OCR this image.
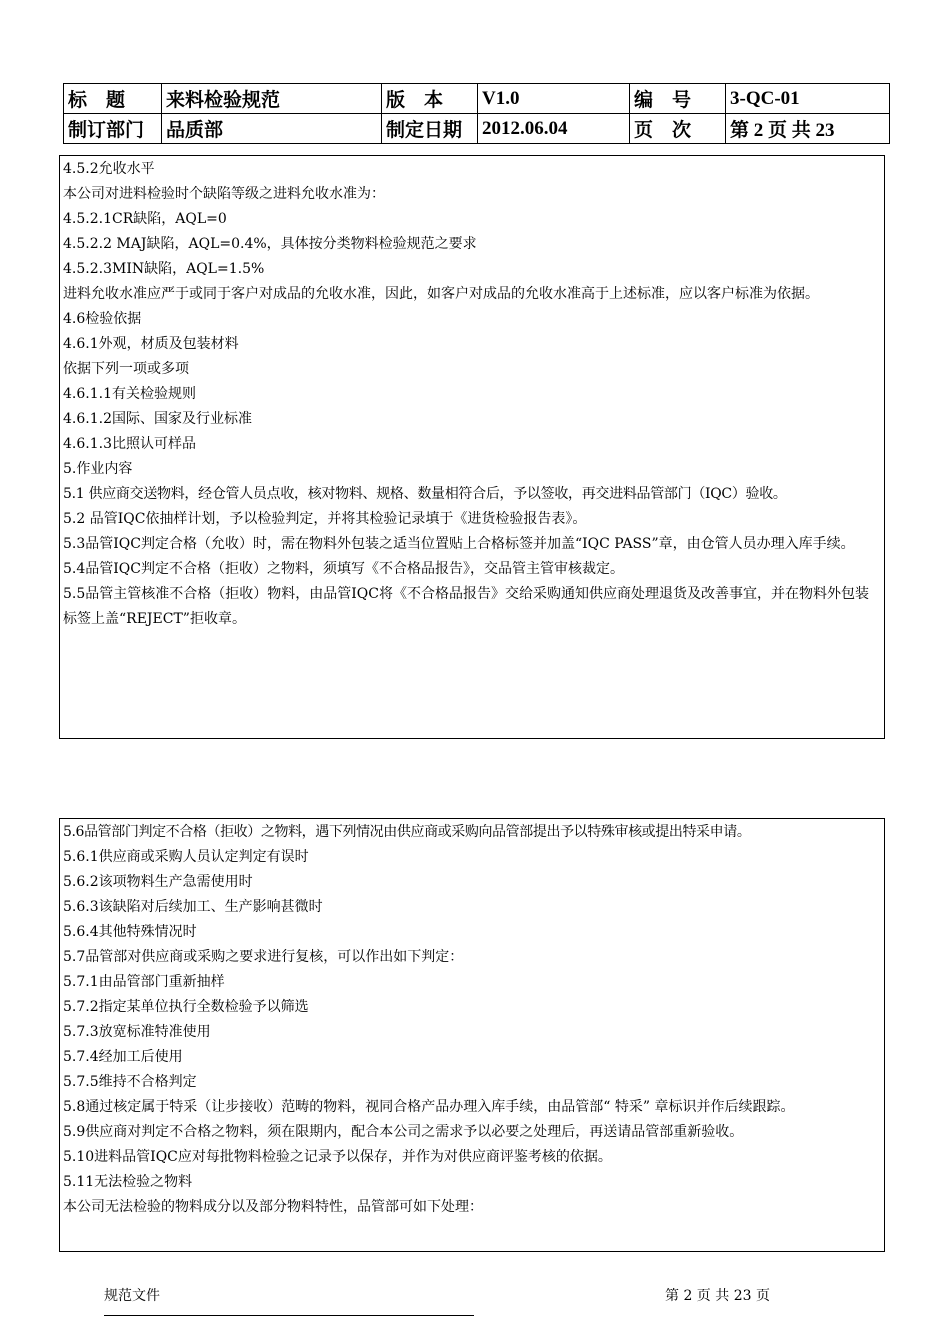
标　题	来料检验规范	版　本	V1.0	编　号	3-QC-01
制订部门	品质部	制定日期	2012.06.04	页　次	第 2 页 共 23
4.5.2允收水平
本公司对进料检验时个缺陷等级之进料允收水准为：
4.5.2.1CR缺陷，AQL=0
4.5.2.2 MAJ缺陷，AQL=0.4%，具体按分类物料检验规范之要求
4.5.2.3MIN缺陷，AQL=1.5%
进料允收水准应严于或同于客户对成品的允收水准，因此，如客户对成品的允收水准高于上述标准，应以客户标准为依据。
4.6检验依据
4.6.1外观，材质及包装材料
依据下列一项或多项
4.6.1.1有关检验规则
4.6.1.2国际、国家及行业标准
4.6.1.3比照认可样品
5.作业内容
5.1 供应商交送物料，经仓管人员点收，核对物料、规格、数量相符合后，予以签收，再交进料品管部门（IQC）验收。
5.2 品管IQC依抽样计划，予以检验判定，并将其检验记录填于《进货检验报告表》。
5.3品管IQC判定合格（允收）时，需在物料外包装之适当位置贴上合格标签并加盖“IQC PASS”章，由仓管人员办理入库手续。
5.4品管IQC判定不合格（拒收）之物料，须填写《不合格品报告》，交品管主管审核裁定。
5.5品管主管核准不合格（拒收）物料，由品管IQC将《不合格品报告》交给采购通知供应商处理退货及改善事宜，并在物料外包装标签上盖“REJECT”拒收章。
5.6品管部门判定不合格（拒收）之物料，遇下列情况由供应商或采购向品管部提出予以特殊审核或提出特采申请。
5.6.1供应商或采购人员认定判定有误时
5.6.2该项物料生产急需使用时
5.6.3该缺陷对后续加工、生产影响甚微时
5.6.4其他特殊情况时
5.7品管部对供应商或采购之要求进行复核，可以作出如下判定：
5.7.1由品管部门重新抽样
5.7.2指定某单位执行全数检验予以筛选
5.7.3放宽标准特准使用
5.7.4经加工后使用
5.7.5维持不合格判定
5.8通过核定属于特采（让步接收）范畴的物料，视同合格产品办理入库手续，由品管部“ 特采” 章标识并作后续跟踪。
5.9供应商对判定不合格之物料，须在限期内，配合本公司之需求予以必要之处理后，再送请品管部重新验收。
5.10进料品管IQC应对每批物料检验之记录予以保存，并作为对供应商评鉴考核的依据。
5.11无法检验之物料
本公司无法检验的物料成分以及部分物料特性，品管部可如下处理：
规范文件	第 2 页 共 23 页
